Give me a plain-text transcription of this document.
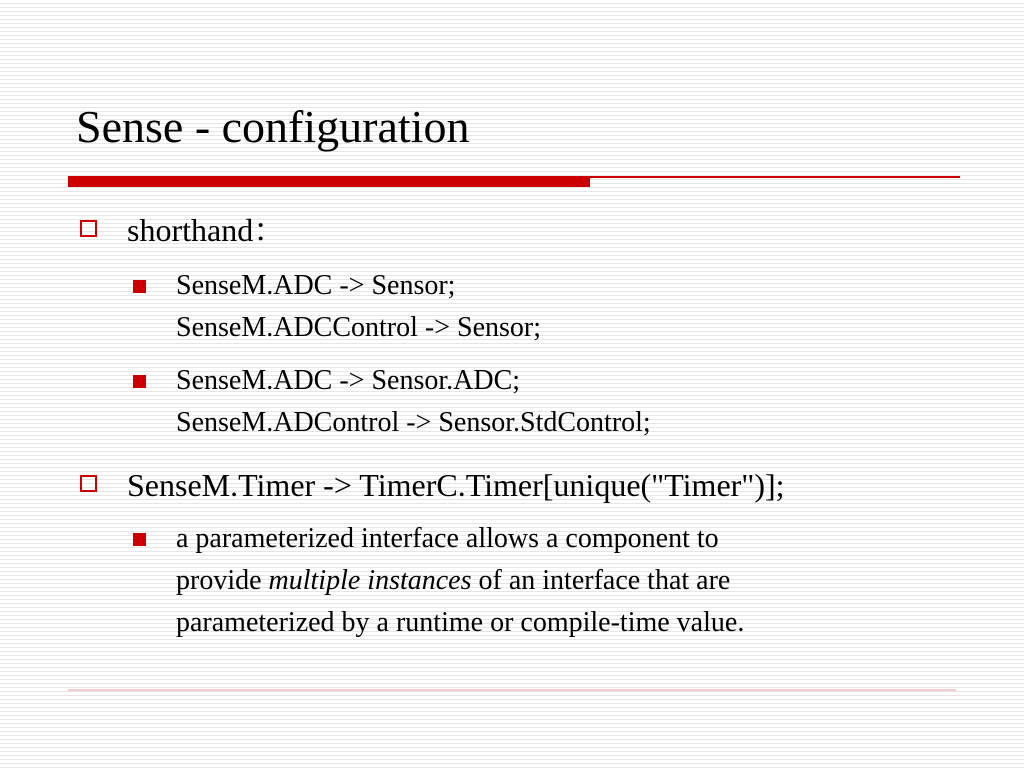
Sense - configuration
shorthand：
SenseM.ADC -> Sensor;
SenseM.ADCControl -> Sensor;
SenseM.ADC -> Sensor.ADC;
SenseM.ADControl -> Sensor.StdControl;
SenseM.Timer -> TimerC.Timer[unique("Timer")];
a parameterized interface allows a component to
provide multiple instances of an interface that are
parameterized by a runtime or compile-time value.
